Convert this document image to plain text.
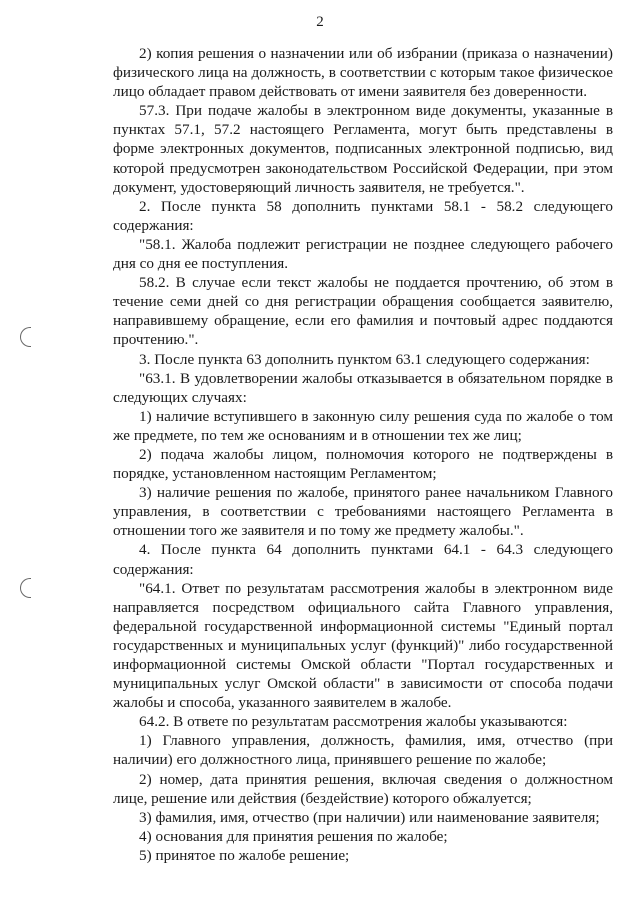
2

2) копия решения о назначении или об избрании (приказа о назначении) физического лица на должность, в соответствии с которым такое физическое лицо обладает правом действовать от имени заявителя без доверенности.

57.3. При подаче жалобы в электронном виде документы, указанные в пунктах 57.1, 57.2 настоящего Регламента, могут быть представлены в форме электронных документов, подписанных электронной подписью, вид которой предусмотрен законодательством Российской Федерации, при этом документ, удостоверяющий личность заявителя, не требуется.".

2. После пункта 58 дополнить пунктами 58.1 - 58.2 следующего содержания:

"58.1. Жалоба подлежит регистрации не позднее следующего рабочего дня со дня ее поступления.

58.2. В случае если текст жалобы не поддается прочтению, об этом в течение семи дней со дня регистрации обращения сообщается заявителю, направившему обращение, если его фамилия и почтовый адрес поддаются прочтению.".

3. После пункта 63 дополнить пунктом 63.1 следующего содержания:

"63.1. В удовлетворении жалобы отказывается в обязательном порядке в следующих случаях:

1) наличие вступившего в законную силу решения суда по жалобе о том же предмете, по тем же основаниям и в отношении тех же лиц;

2) подача жалобы лицом, полномочия которого не подтверждены в порядке, установленном настоящим Регламентом;

3) наличие решения по жалобе, принятого ранее начальником Главного управления, в соответствии с требованиями настоящего Регламента в отношении того же заявителя и по тому же предмету жалобы.".

4. После пункта 64 дополнить пунктами 64.1 - 64.3 следующего содержания:

"64.1. Ответ по результатам рассмотрения жалобы в электронном виде направляется посредством официального сайта Главного управления, федеральной государственной информационной системы "Единый портал государственных и муниципальных услуг (функций)" либо государственной информационной системы Омской области "Портал государственных и муниципальных услуг Омской области" в зависимости от способа подачи жалобы и способа, указанного заявителем в жалобе.

64.2. В ответе по результатам рассмотрения жалобы указываются:

1) Главного управления, должность, фамилия, имя, отчество (при наличии) его должностного лица, принявшего решение по жалобе;

2) номер, дата принятия решения, включая сведения о должностном лице, решение или действия (бездействие) которого обжалуется;

3) фамилия, имя, отчество (при наличии) или наименование заявителя;

4) основания для принятия решения по жалобе;

5) принятое по жалобе решение;
